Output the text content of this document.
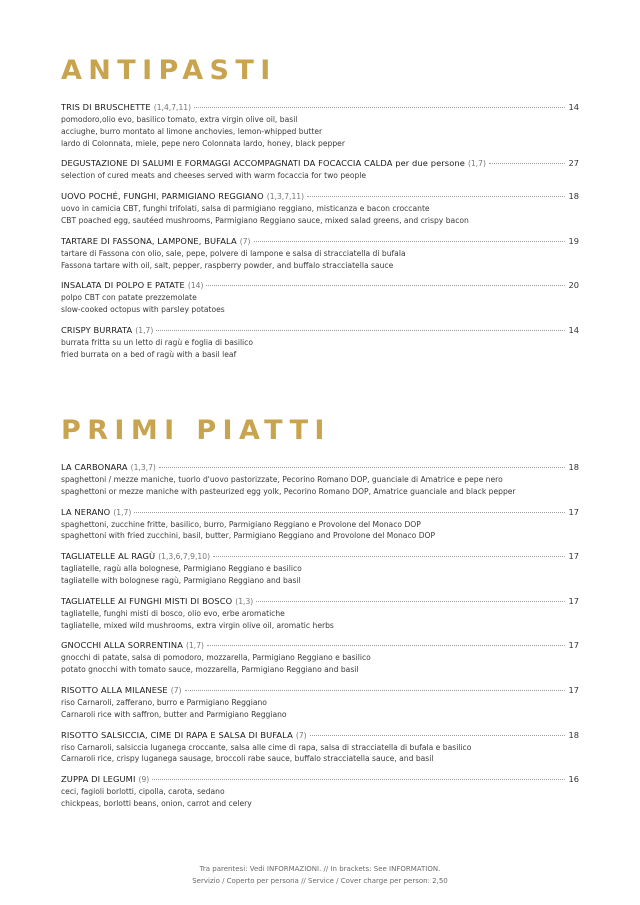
ANTIPASTI
TRIS DI BRUSCHETTE (1,4,7,11)	14
pomodoro,olio evo, basilico tomato, extra virgin olive oil, basil
acciughe, burro montato al limone anchovies, lemon-whipped butter
lardo di Colonnata, miele, pepe nero Colonnata lardo, honey, black pepper
DEGUSTAZIONE DI SALUMI E FORMAGGI ACCOMPAGNATI DA FOCACCIA CALDA per due persone (1,7)	27
selection of cured meats and cheeses served with warm focaccia for two people
UOVO POCHÉ, FUNGHI, PARMIGIANO REGGIANO (1,3,7,11)	18
uovo in camicia CBT, funghi trifolati, salsa di parmigiano reggiano, misticanza e bacon croccante
CBT poached egg, sautéed mushrooms, Parmigiano Reggiano sauce, mixed salad greens, and crispy bacon
TARTARE DI FASSONA, LAMPONE, BUFALA (7)	19
tartare di Fassona con olio, sale, pepe, polvere di lampone e salsa di stracciatella di bufala
Fassona tartare with oil, salt, pepper, raspberry powder, and buffalo stracciatella sauce
INSALATA DI POLPO E PATATE (14)	20
polpo CBT con patate prezzemolate
slow-cooked octopus with parsley potatoes
CRISPY BURRATA (1,7)	14
burrata fritta su un letto di ragù e foglia di basilico
fried burrata on a bed of ragù with a basil leaf
PRIMI PIATTI
LA CARBONARA (1,3,7)	18
spaghettoni / mezze maniche, tuorlo d'uovo pastorizzate, Pecorino Romano DOP, guanciale di Amatrice e pepe nero
spaghettoni or mezze maniche with pasteurized egg yolk, Pecorino Romano DOP, Amatrice guanciale and black pepper
LA NERANO (1,7)	17
spaghettoni, zucchine fritte, basilico, burro, Parmigiano Reggiano e Provolone del Monaco DOP
spaghettoni with fried zucchini, basil, butter, Parmigiano Reggiano and Provolone del Monaco DOP
TAGLIATELLE AL RAGÙ (1,3,6,7,9,10)	17
tagliatelle, ragù alla bolognese, Parmigiano Reggiano e basilico
tagliatelle with bolognese ragù, Parmigiano Reggiano and basil
TAGLIATELLE AI FUNGHI MISTI DI BOSCO (1,3)	17
tagliatelle, funghi misti di bosco, olio evo, erbe aromatiche
tagliatelle, mixed wild mushrooms, extra virgin olive oil, aromatic herbs
GNOCCHI ALLA SORRENTINA (1,7)	17
gnocchi di patate, salsa di pomodoro, mozzarella, Parmigiano Reggiano e basilico
potato gnocchi with tomato sauce, mozzarella, Parmigiano Reggiano and basil
RISOTTO ALLA MILANESE (7)	17
riso Carnaroli, zafferano, burro e Parmigiano Reggiano
Carnaroli rice with saffron, butter and Parmigiano Reggiano
RISOTTO SALSICCIA, CIME DI RAPA E SALSA DI BUFALA (7)	18
riso Carnaroli, salsiccia luganega croccante, salsa alle cime di rapa, salsa di stracciatella di bufala e basilico
Carnaroli rice, crispy luganega sausage, broccoli rabe sauce, buffalo stracciatella sauce, and basil
ZUPPA DI LEGUMI (9)	16
ceci, fagioli borlotti, cipolla, carota, sedano
chickpeas, borlotti beans, onion, carrot and celery
Tra parentesi: Vedi INFORMAZIONI. // In brackets: See INFORMATION.
Servizio / Coperto per persona // Service / Cover charge per person: 2,50
